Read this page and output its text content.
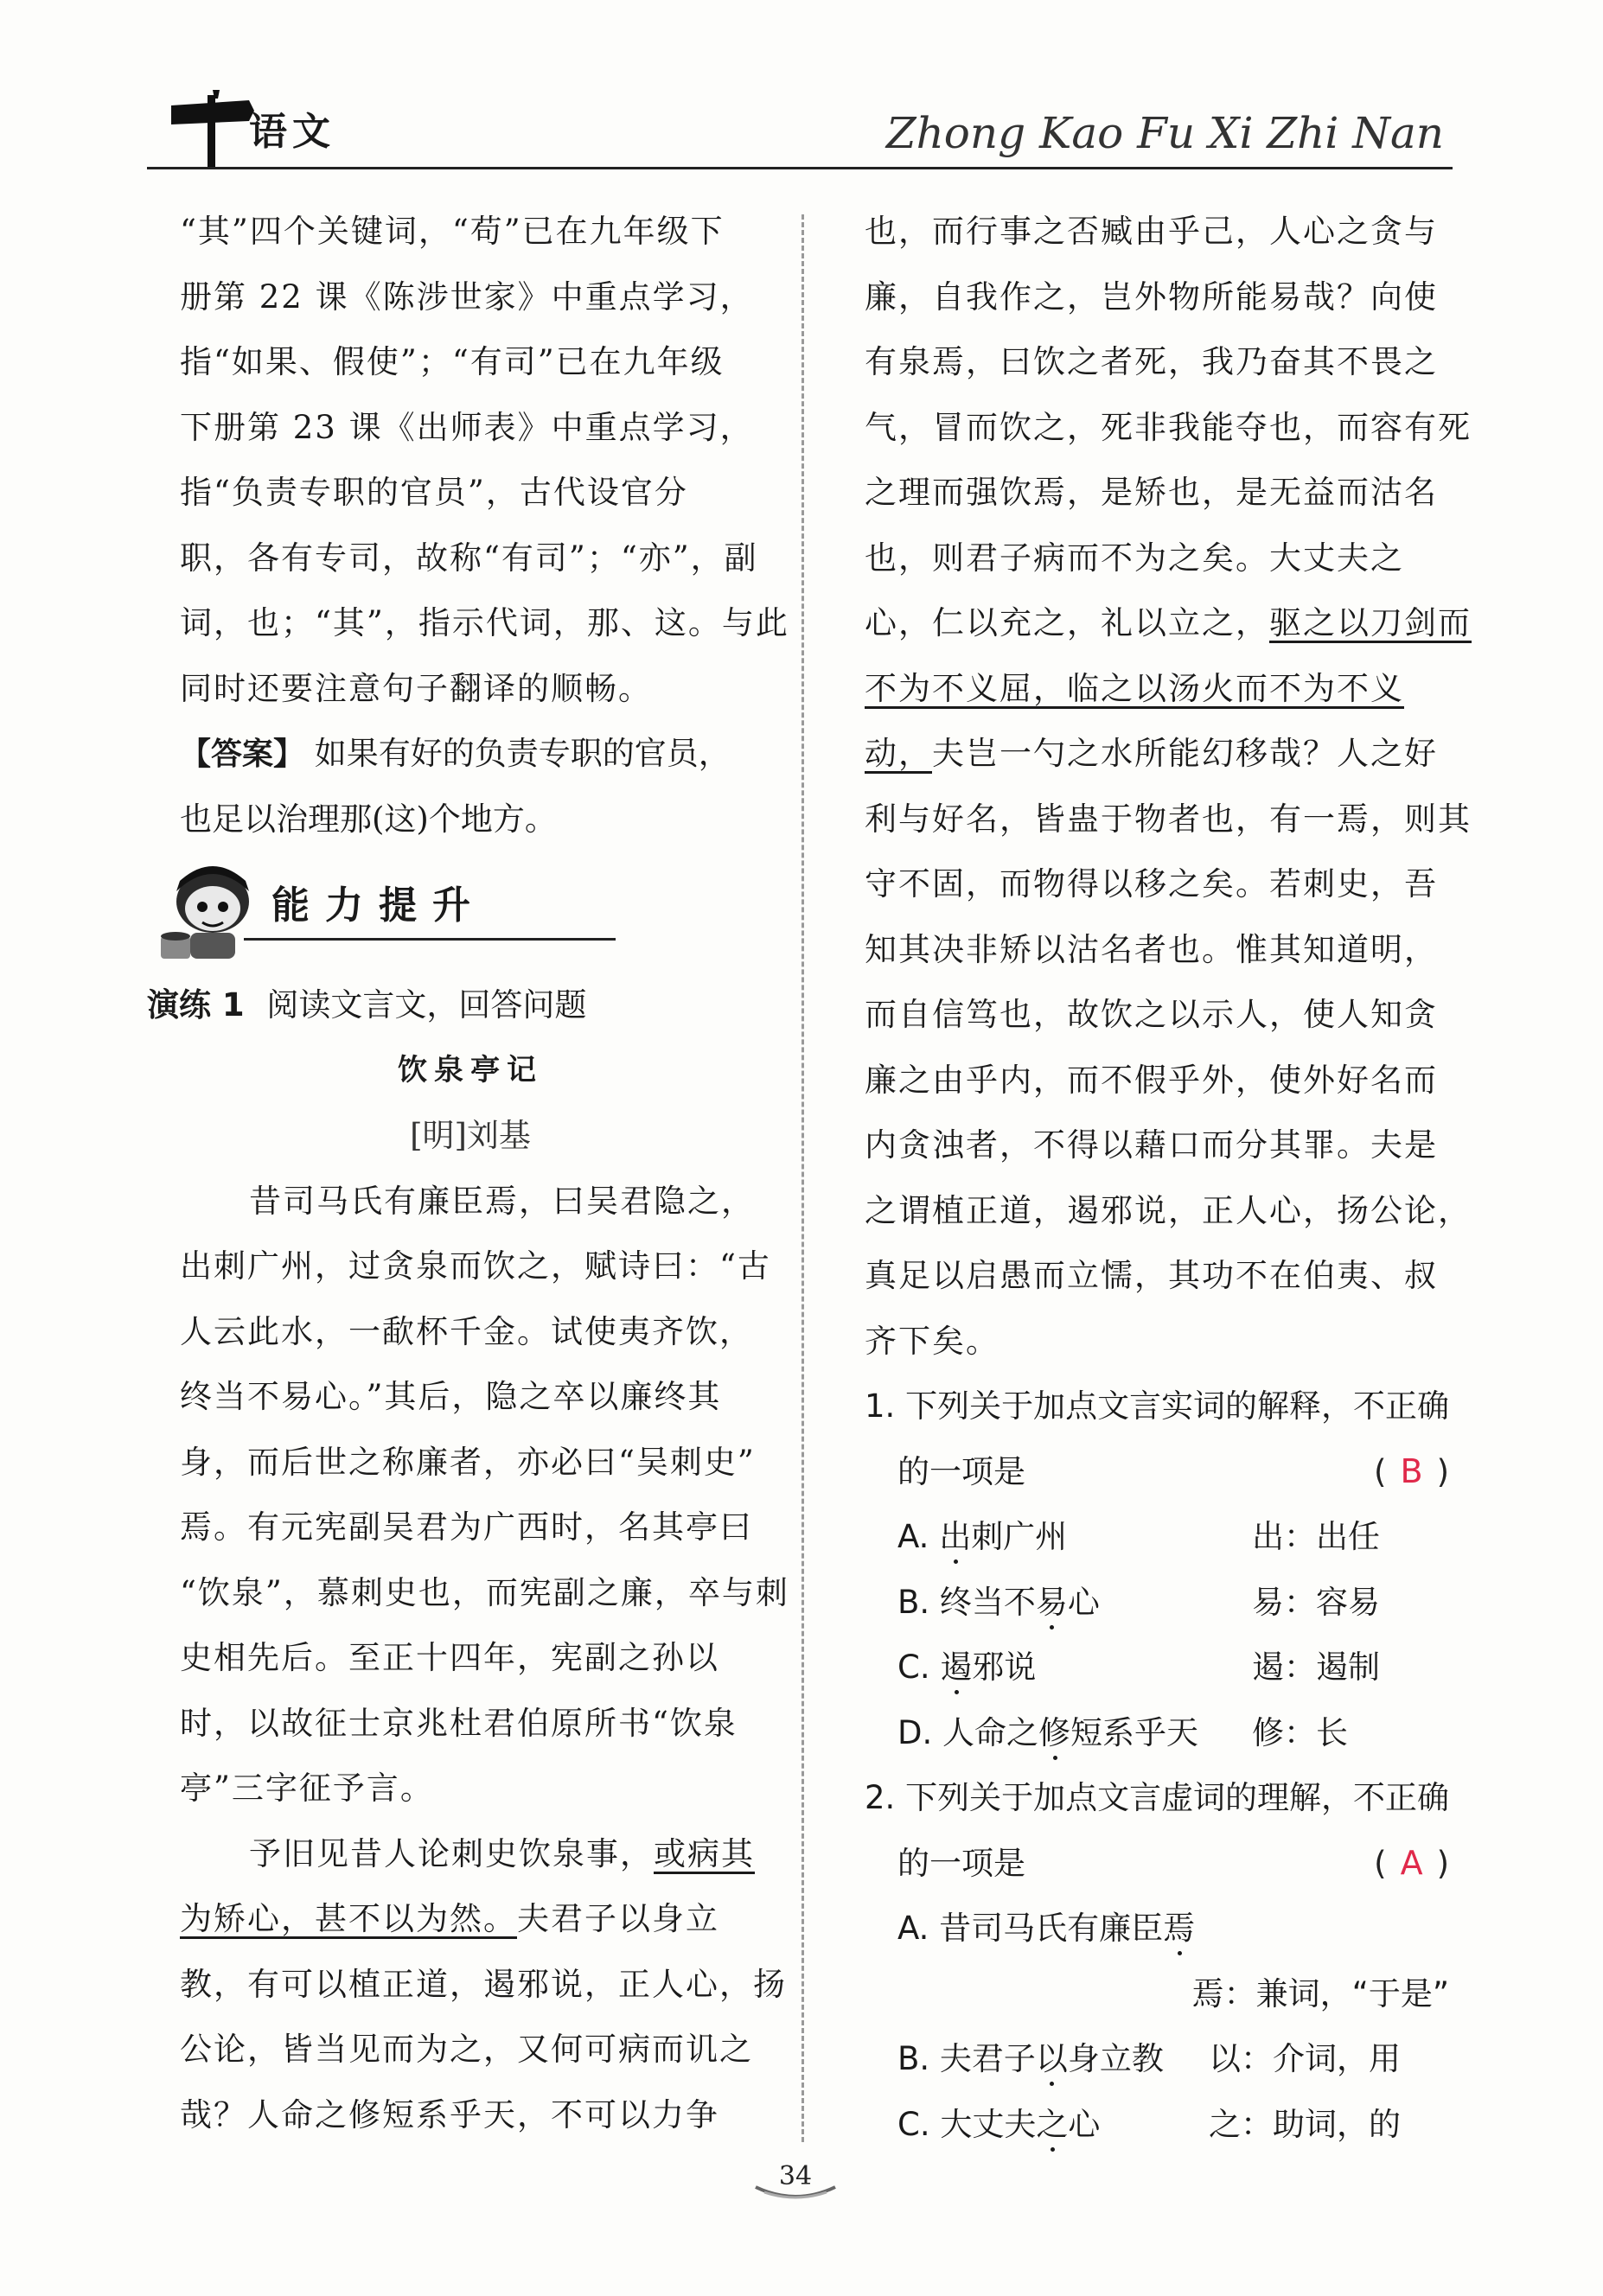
语文	Zhong Kao Fu Xi Zhi Nan
“其”四个关键词，“苟”已在九年级下
册第 22 课《陈涉世家》中重点学习，
指“如果、假使”；“有司”已在九年级
下册第 23 课《出师表》中重点学习，
指“负责专职的官员”，古代设官分
职，各有专司，故称“有司”；“亦”，副
词，也；“其”，指示代词，那、这。与此
同时还要注意句子翻译的顺畅。
【答案】 如果有好的负责专职的官员，
也足以治理那(这)个地方。
能力提升
演练 1 阅读文言文，回答问题
饮泉亭记
[明]刘基
昔司马氏有廉臣焉，曰吴君隐之，
出刺广州，过贪泉而饮之，赋诗曰：“古
人云此水，一歃杯千金。试使夷齐饮，
终当不易心。”其后，隐之卒以廉终其
身，而后世之称廉者，亦必曰“吴刺史”
焉。有元宪副吴君为广西时，名其亭曰
“饮泉”，慕刺史也，而宪副之廉，卒与刺
史相先后。至正十四年，宪副之孙以
时，以故征士京兆杜君伯原所书“饮泉
亭”三字征予言。
予旧见昔人论刺史饮泉事，或病其
为矫心，甚不以为然。夫君子以身立
教，有可以植正道，遏邪说，正人心，扬
公论，皆当见而为之，又何可病而讥之
哉？人命之修短系乎天，不可以力争
也，而行事之否臧由乎己，人心之贪与
廉，自我作之，岂外物所能易哉？向使
有泉焉，曰饮之者死，我乃奋其不畏之
气，冒而饮之，死非我能夺也，而容有死
之理而强饮焉，是矫也，是无益而沽名
也，则君子病而不为之矣。大丈夫之
心，仁以充之，礼以立之，驱之以刀剑而
不为不义屈，临之以汤火而不为不义
动，夫岂一勺之水所能幻移哉？人之好
利与好名，皆蛊于物者也，有一焉，则其
守不固，而物得以移之矣。若刺史，吾
知其决非矫以沽名者也。惟其知道明，
而自信笃也，故饮之以示人，使人知贪
廉之由乎内，而不假乎外，使外好名而
内贪浊者，不得以藉口而分其罪。夫是
之谓植正道，遏邪说，正人心，扬公论，
真足以启愚而立懦，其功不在伯夷、叔
齐下矣。
1. 下列关于加点文言实词的解释，不正确
的一项是	( B )
A. 出刺广州	出：出任
B. 终当不易心	易：容易
C. 遏邪说	遏：遏制
D. 人命之修短系乎天 修：长
2. 下列关于加点文言虚词的理解，不正确
的一项是	( A )
A. 昔司马氏有廉臣焉
焉：兼词，“于是”
B. 夫君子以身立教 以：介词，用
C. 大丈夫之心	之：助词，的
34
